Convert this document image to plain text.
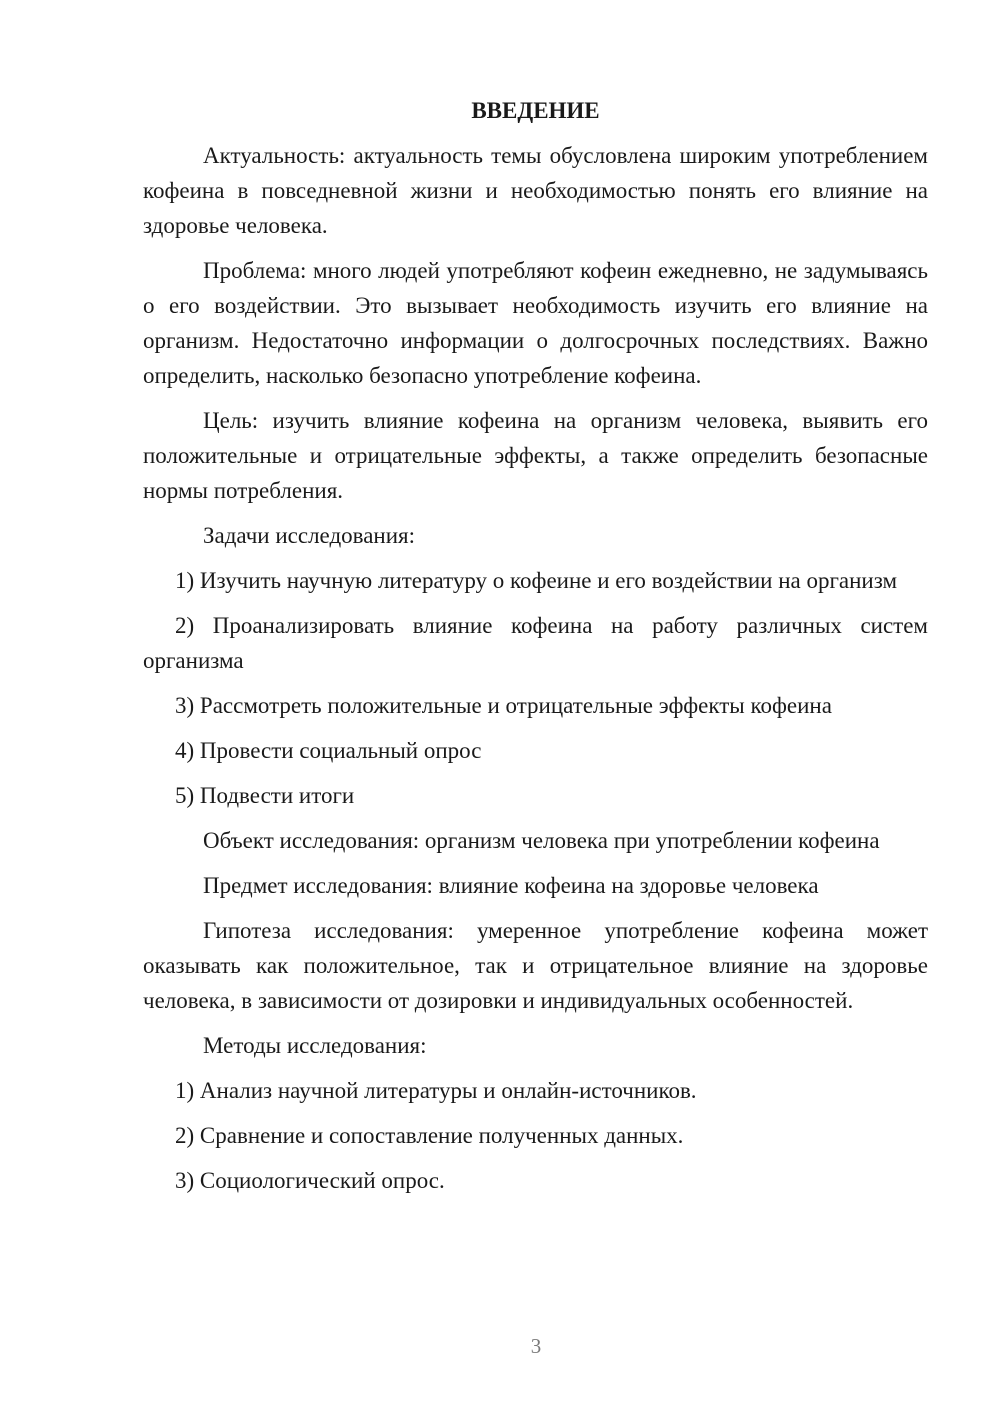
ВВЕДЕНИЕ

Актуальность: актуальность темы обусловлена широким употреблением кофеина в повседневной жизни и необходимостью понять его влияние на здоровье человека.

Проблема: много людей употребляют кофеин ежедневно, не задумываясь о его воздействии. Это вызывает необходимость изучить его влияние на организм. Недостаточно информации о долгосрочных последствиях. Важно определить, насколько безопасно употребление кофеина.

Цель: изучить влияние кофеина на организм человека, выявить его положительные и отрицательные эффекты, а также определить безопасные нормы потребления.

Задачи исследования:

1) Изучить научную литературу о кофеине и его воздействии на организм

2) Проанализировать влияние кофеина на работу различных систем организма

3) Рассмотреть положительные и отрицательные эффекты кофеина

4) Провести социальный опрос

5) Подвести итоги

Объект исследования: организм человека при употреблении кофеина

Предмет исследования: влияние кофеина на здоровье человека

Гипотеза исследования: умеренное употребление кофеина может оказывать как положительное, так и отрицательное влияние на здоровье человека, в зависимости от дозировки и индивидуальных особенностей.

Методы исследования:

1) Анализ научной литературы и онлайн-источников.

2) Сравнение и сопоставление полученных данных.

3) Социологический опрос.

3
